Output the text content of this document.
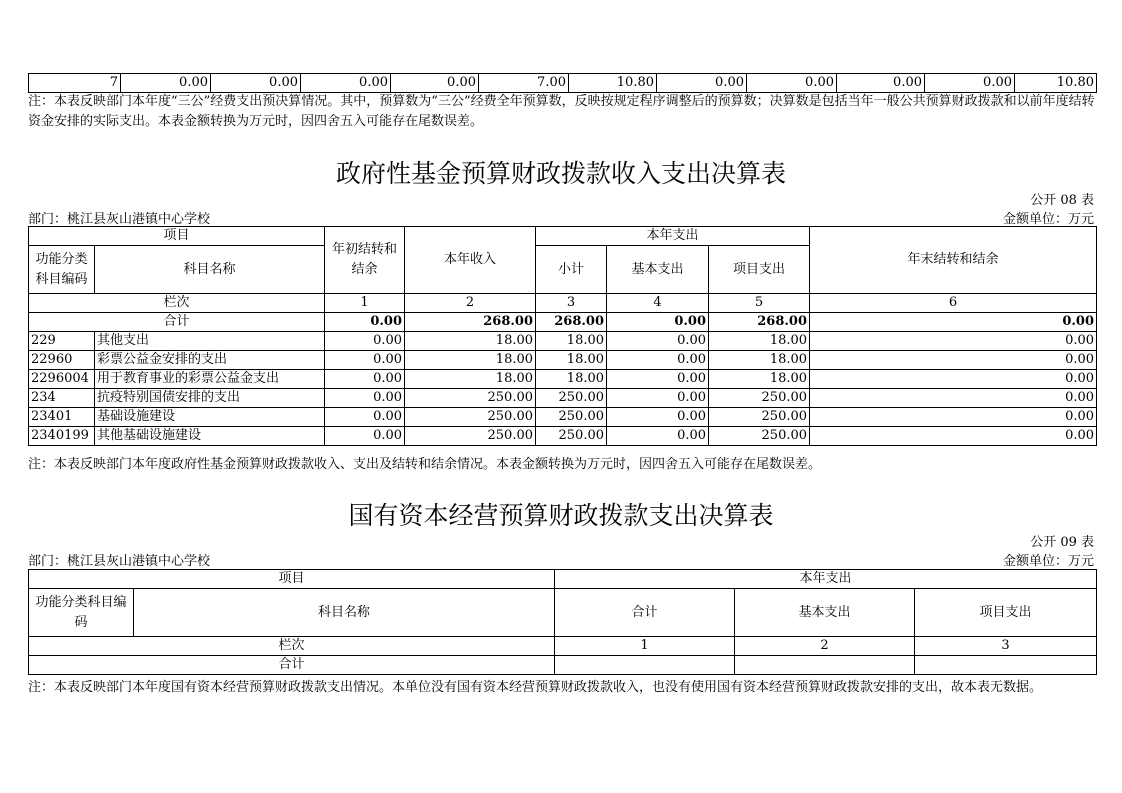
7	0.00	0.00	0.00	0.00	7.00	10.80	0.00	0.00	0.00	0.00	10.80
注：本表反映部门本年度“三公”经费支出预决算情况。其中，预算数为“三公”经费全年预算数，反映按规定程序调整后的预算数；决算数是包括当年一般公共预算财政拨款和以前年度结转资金安排的实际支出。本表金额转换为万元时，因四舍五入可能存在尾数误差。
政府性基金预算财政拨款收入支出决算表
公开 08 表
部门：桃江县灰山港镇中心学校	金额单位：万元
项目		年初结转和
结余	本年收入	本年支出			年末结转和结余
功能分类
科目编码	科目名称			小计	基本支出	项目支出	
栏次		1	2	3	4	5	6
合计		0.00	268.00	268.00	0.00	268.00	0.00
229	其他支出	0.00	18.00	18.00	0.00	18.00	0.00
22960	彩票公益金安排的支出	0.00	18.00	18.00	0.00	18.00	0.00
2296004	用于教育事业的彩票公益金支出	0.00	18.00	18.00	0.00	18.00	0.00
234	抗疫特别国债安排的支出	0.00	250.00	250.00	0.00	250.00	0.00
23401	基础设施建设	0.00	250.00	250.00	0.00	250.00	0.00
2340199	其他基础设施建设	0.00	250.00	250.00	0.00	250.00	0.00
注：本表反映部门本年度政府性基金预算财政拨款收入、支出及结转和结余情况。本表金额转换为万元时，因四舍五入可能存在尾数误差。
国有资本经营预算财政拨款支出决算表
公开 09 表
部门：桃江县灰山港镇中心学校	金额单位：万元
项目		本年支出		
功能分类科目编
码	科目名称	合计	基本支出	项目支出
栏次		1	2	3
合计				
注：本表反映部门本年度国有资本经营预算财政拨款支出情况。本单位没有国有资本经营预算财政拨款收入，也没有使用国有资本经营预算财政拨款安排的支出，故本表无数据。
